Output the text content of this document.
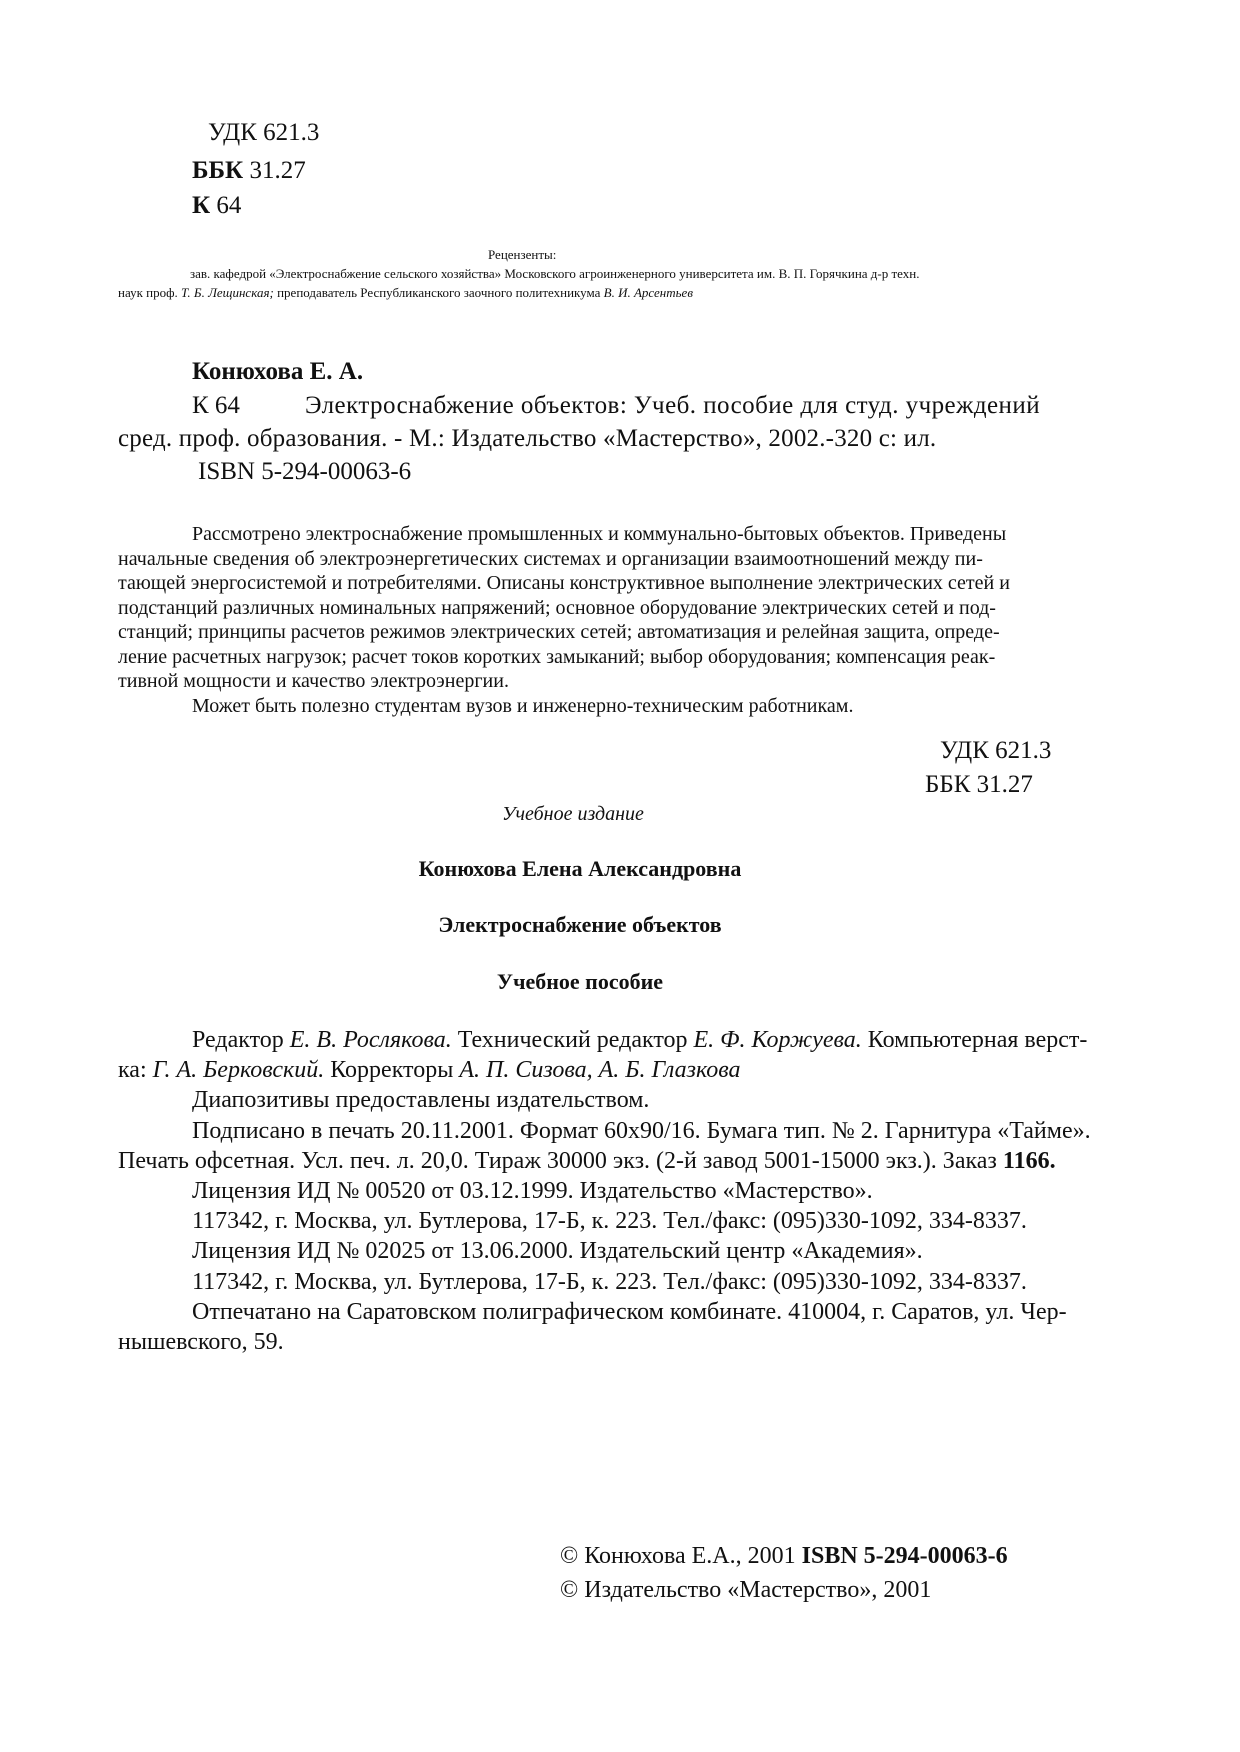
УДК 621.3
ББК 31.27
К 64
Рецензенты:
зав. кафедрой «Электроснабжение сельского хозяйства» Московского агроинженерного университета им. В. П. Горячкина д-р техн.
наук проф. Т. Б. Лещинская; преподаватель Республиканского заочного политехникума В. И. Арсентьев
Конюхова Е. А.
К 64	Электроснабжение объектов: Учеб. пособие для студ. учреждений
сред. проф. образования. - М.: Издательство «Мастерство», 2002.-320 с: ил.
ISBN 5-294-00063-6

Рассмотрено электроснабжение промышленных и коммунально-бытовых объектов. Приведены

начальные сведения об электроэнергетических системах и организации взаимоотношений между пи-

тающей энергосистемой и потребителями. Описаны конструктивное выполнение электрических сетей и

подстанций различных номинальных напряжений; основное оборудование электрических сетей и под-

станций; принципы расчетов режимов электрических сетей; автоматизация и релейная защита, опреде-

ление расчетных нагрузок; расчет токов коротких замыканий; выбор оборудования; компенсация реак-

тивной мощности и качество электроэнергии.

Может быть полезно студентам вузов и инженерно-техническим работникам.

УДК 621.3
ББК 31.27
Учебное издание
Конюхова Елена Александровна
Электроснабжение объектов
Учебное пособие

Редактор Е. В. Рослякова. Технический редактор Е. Ф. Коржуева. Компьютерная верст-

ка: Г. А. Берковский. Корректоры А. П. Сизова, А. Б. Глазкова

Диапозитивы предоставлены издательством.

Подписано в печать 20.11.2001. Формат 60x90/16. Бумага тип. № 2. Гарнитура «Тайме».

Печать офсетная. Усл. печ. л. 20,0. Тираж 30000 экз. (2-й завод 5001-15000 экз.). Заказ 1166.

Лицензия ИД № 00520 от 03.12.1999. Издательство «Мастерство».

117342, г. Москва, ул. Бутлерова, 17-Б, к. 223. Тел./факс: (095)330-1092, 334-8337.

Лицензия ИД № 02025 от 13.06.2000. Издательский центр «Академия».

117342, г. Москва, ул. Бутлерова, 17-Б, к. 223. Тел./факс: (095)330-1092, 334-8337.

Отпечатано на Саратовском полиграфическом комбинате. 410004, г. Саратов, ул. Чер-

нышевского, 59.

© Конюхова Е.А., 2001 ISBN 5-294-00063-6
© Издательство «Мастерство», 2001
